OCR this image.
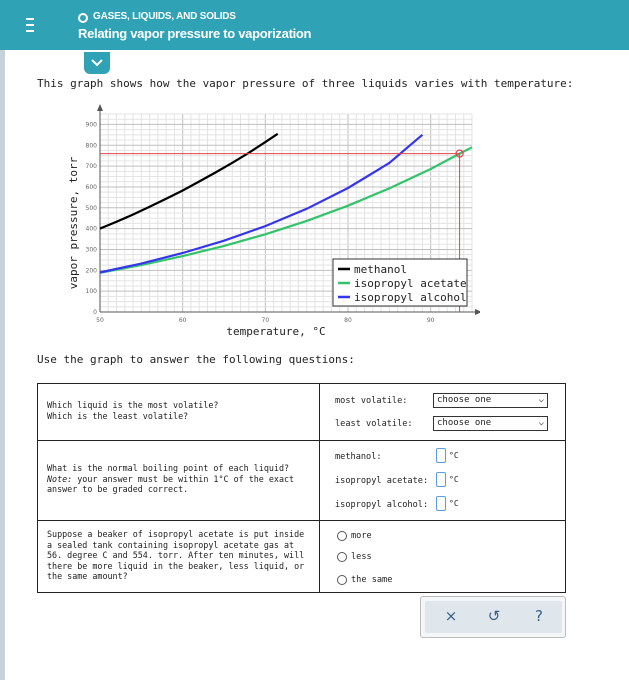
GASES, LIQUIDS, AND SOLIDS
Relating vapor pressure to vaporization
This graph shows how the vapor pressure of three liquids varies with temperature:
50	60	70	80	90
0
100
200
300
400
500
600
700
800
900
temperature, °C
vapor pressure, torr	methanol
isopropyl acetate
isopropyl alcohol
Use the graph to answer the following questions:
Which liquid is the most volatile?
Which is the least volatile?
most volatile:	choose one	⌵
least volatile:	choose one	⌵
What is the normal boiling point of each liquid?
Note: your answer must be within 1°C of the exact answer to be graded correct.
methanol:	°C
isopropyl acetate:	°C
isopropyl alcohol:	°C
Suppose a beaker of isopropyl acetate is put inside a sealed tank containing isopropyl acetate gas at 56. degree C and 554. torr. After ten minutes, will there be more liquid in the beaker, less liquid, or the same amount?
more
less
the same
×	↺	?
